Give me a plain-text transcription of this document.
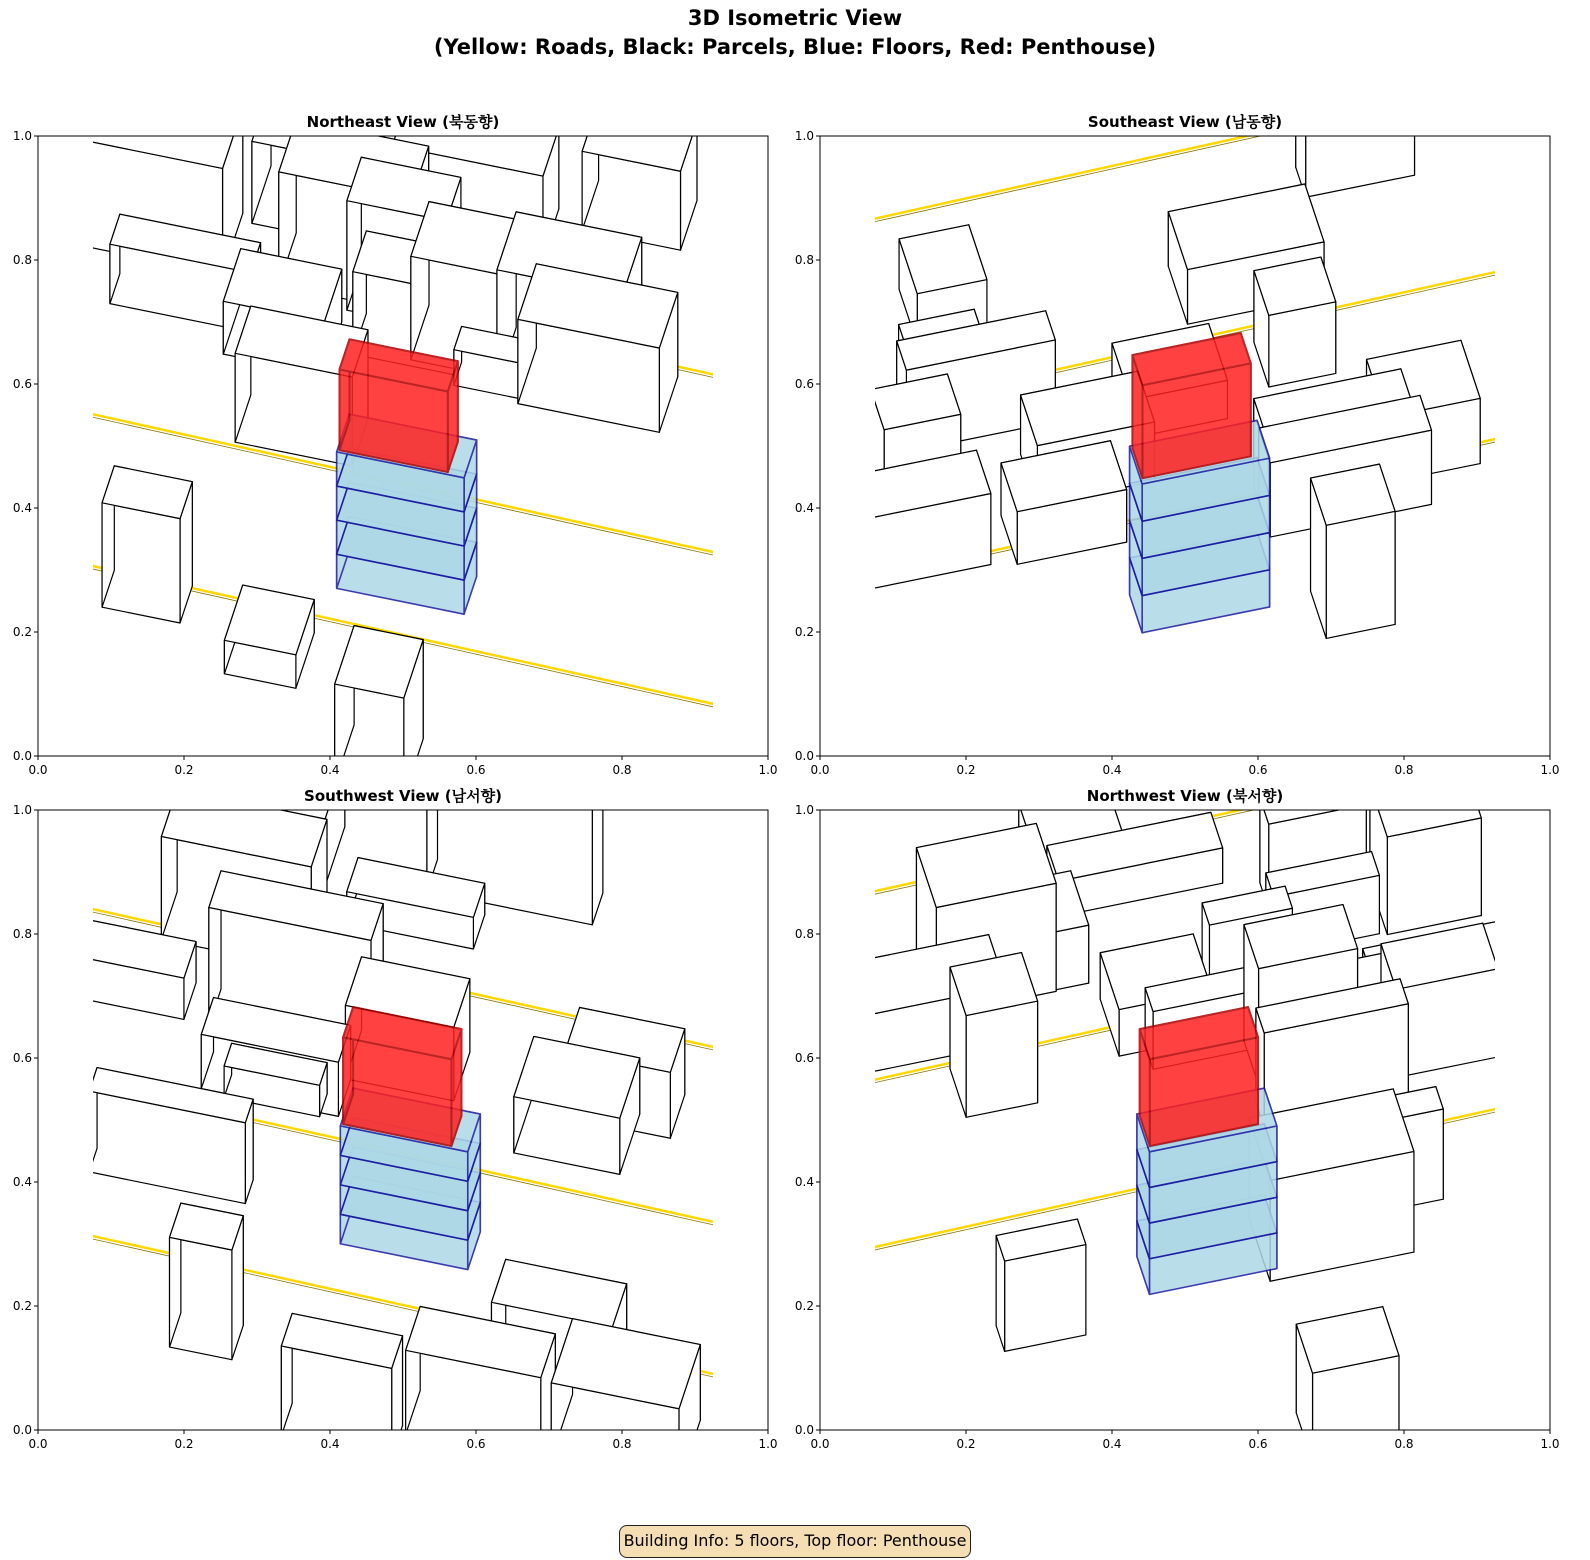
3D Isometric View
(Yellow: Roads, Black: Parcels, Blue: Floors, Red: Penthouse)
0.0	0.2	0.4	0.6	0.8	1.0
0.0
0.2
0.4
0.6
0.8
1.0
Northeast View (북동향)
0.0	0.2	0.4	0.6	0.8	1.0
0.0
0.2
0.4
0.6
0.8
1.0
Southeast View (남동향)
0.0	0.2	0.4	0.6	0.8	1.0
0.0
0.2
0.4
0.6
0.8
1.0
Southwest View (남서향)
0.0	0.2	0.4	0.6	0.8	1.0
0.0
0.2
0.4
0.6
0.8
1.0
Northwest View (북서향)
Building Info: 5 floors, Top floor: Penthouse
